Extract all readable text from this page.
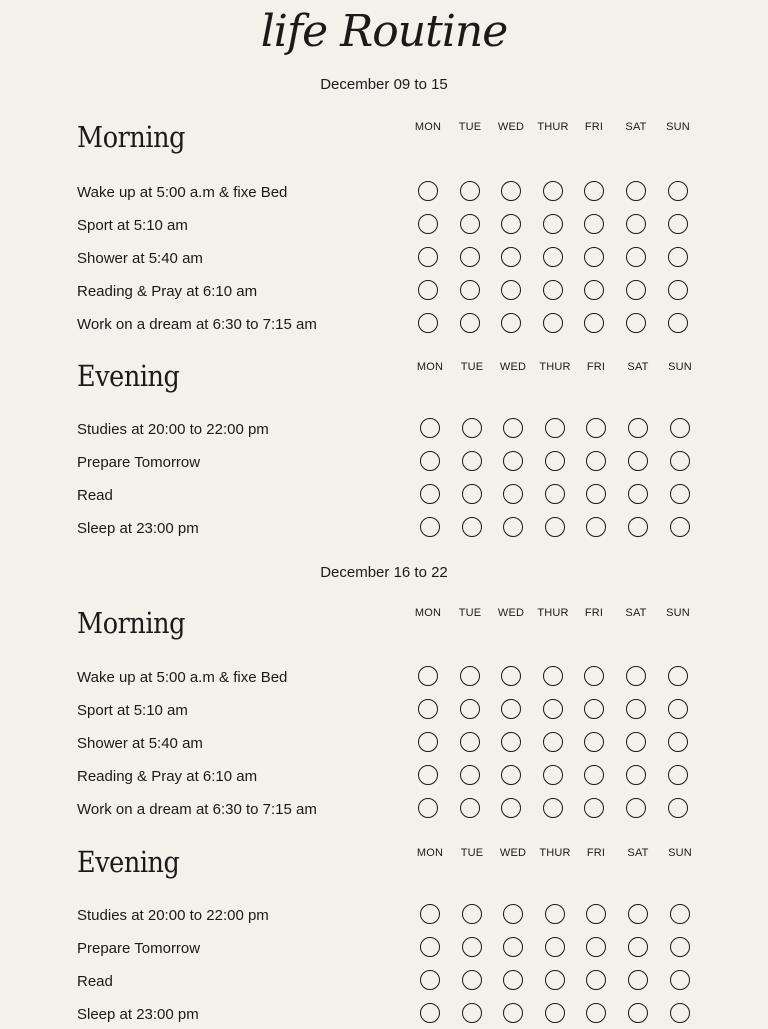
life Routine
December 09 to 15
Morning	MON	TUE	WED	THUR	FRI	SAT	SUN
Wake up at 5:00 a.m & fixe Bed
Sport at 5:10 am
Shower at 5:40 am
Reading & Pray at 6:10 am
Work on a dream at 6:30 to 7:15 am
Evening	MON	TUE	WED	THUR	FRI	SAT	SUN
Studies at 20:00 to 22:00 pm
Prepare Tomorrow
Read
Sleep at 23:00 pm
December 16 to 22
Morning	MON	TUE	WED	THUR	FRI	SAT	SUN
Wake up at 5:00 a.m & fixe Bed
Sport at 5:10 am
Shower at 5:40 am
Reading & Pray at 6:10 am
Work on a dream at 6:30 to 7:15 am
Evening	MON	TUE	WED	THUR	FRI	SAT	SUN
Studies at 20:00 to 22:00 pm
Prepare Tomorrow
Read
Sleep at 23:00 pm
